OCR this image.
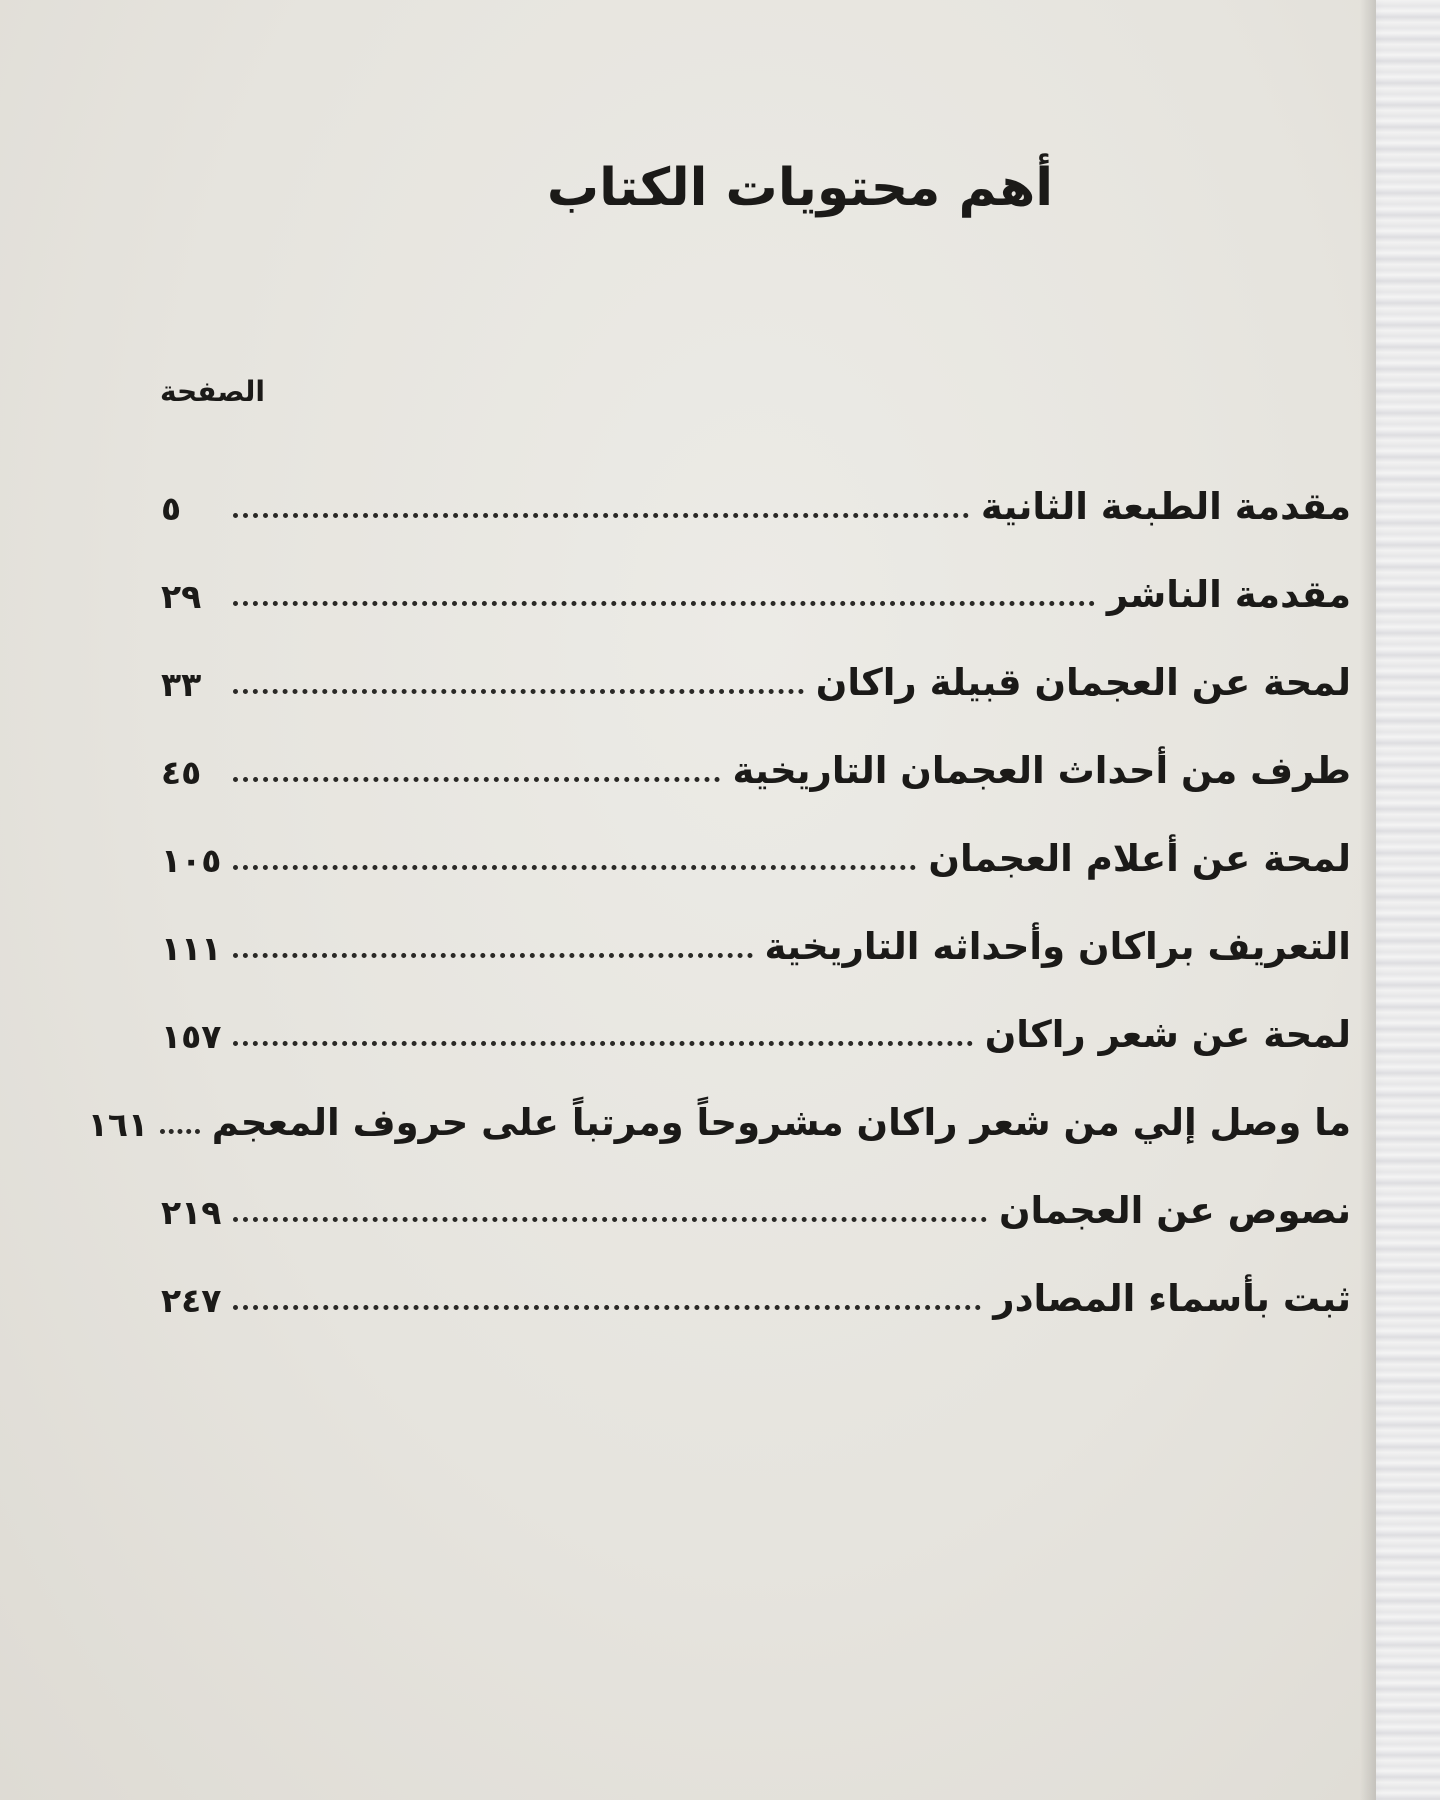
أهم محتويات الكتاب
الصفحة
مقدمة الطبعة الثانية
٥
مقدمة الناشر
٢٩
لمحة عن العجمان قبيلة راكان
٣٣
طرف من أحداث العجمان التاريخية
٤٥
لمحة عن أعلام العجمان
١٠٥
التعريف براكان وأحداثه التاريخية
١١١
لمحة عن شعر راكان
١٥٧
ما وصل إلي من شعر راكان مشروحاً ومرتباً على حروف المعجم
١٦١
نصوص عن العجمان
٢١٩
ثبت بأسماء المصادر
٢٤٧
